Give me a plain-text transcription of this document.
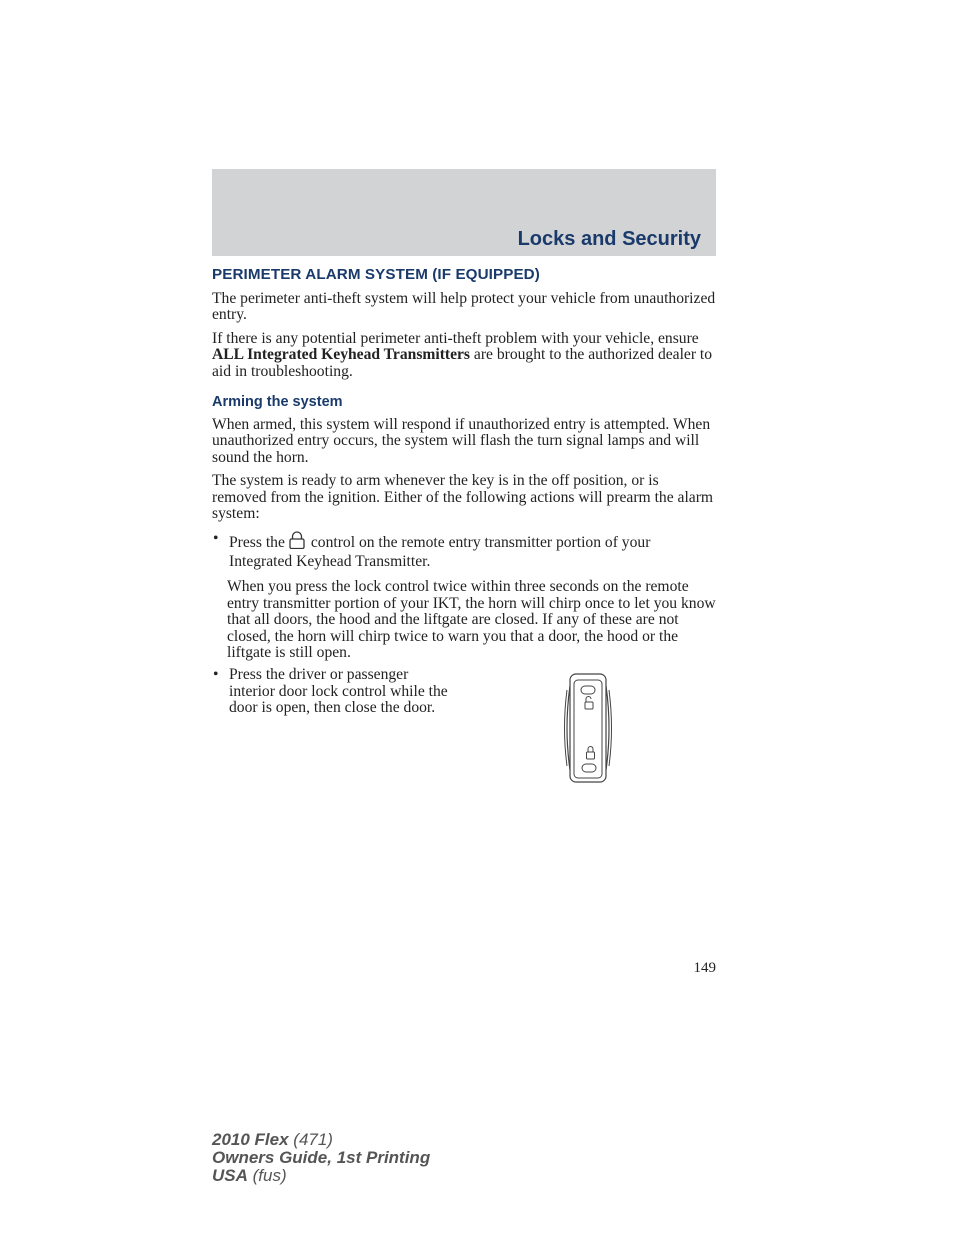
Locks and Security
PERIMETER ALARM SYSTEM (IF EQUIPPED)

The perimeter anti-theft system will help protect your vehicle from unauthorized entry.

If there is any potential perimeter anti-theft problem with your vehicle, ensure ALL Integrated Keyhead Transmitters are brought to the authorized dealer to aid in troubleshooting.

Arming the system

When armed, this system will respond if unauthorized entry is attempted. When unauthorized entry occurs, the system will flash the turn signal lamps and will sound the horn.

The system is ready to arm whenever the key is in the off position, or is removed from the ignition. Either of the following actions will prearm the alarm system:

• Press the control on the remote entry transmitter portion of your Integrated Keyhead Transmitter.

When you press the lock control twice within three seconds on the remote entry transmitter portion of your IKT, the horn will chirp once to let you know that all doors, the hood and the liftgate are closed. If any of these are not closed, the horn will chirp twice to warn you that a door, the hood or the liftgate is still open.

• Press the driver or passenger interior door lock control while the door is open, then close the door.

149
2010 Flex (471)
Owners Guide, 1st Printing
USA (fus)
